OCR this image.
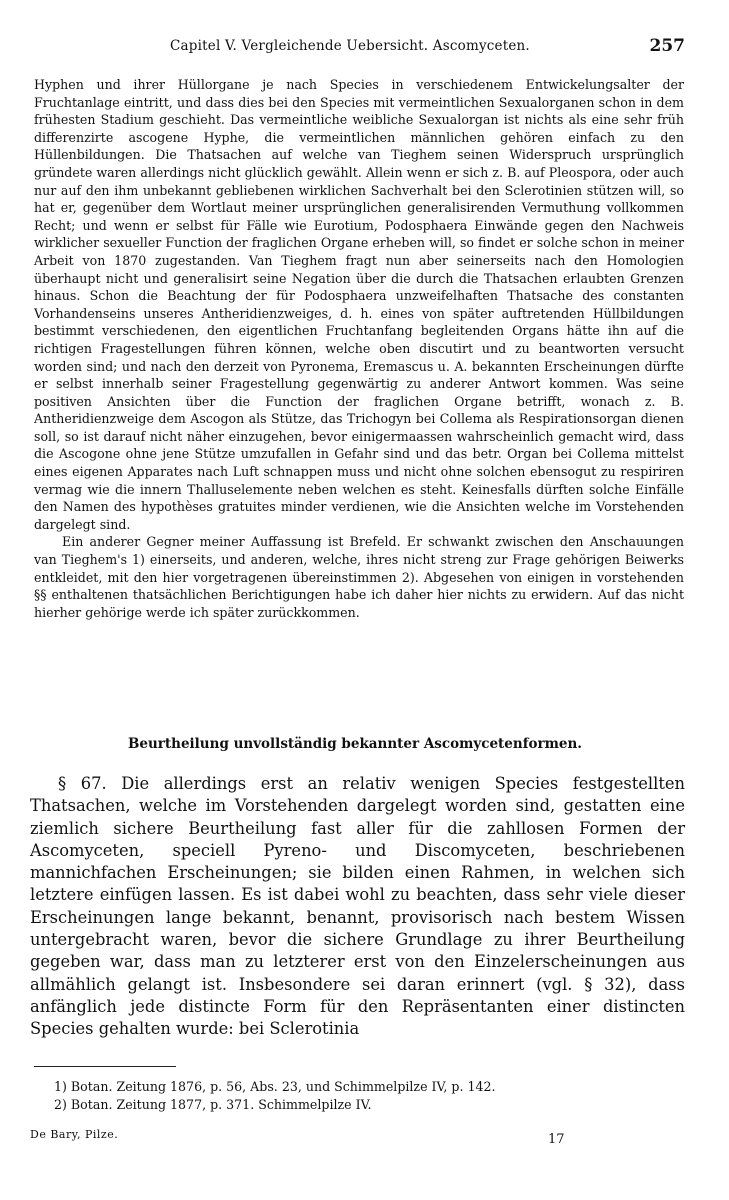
Capitel V. Vergleichende Uebersicht. Ascomyceten.	257

Hyphen und ihrer Hüllorgane je nach Species in verschiedenem Entwickelungsalter der Fruchtanlage eintritt, und dass dies bei den Species mit vermeintlichen Sexualorganen schon in dem frühesten Stadium geschieht. Das vermeintliche weibliche Sexualorgan ist nichts als eine sehr früh differenzirte ascogene Hyphe, die vermeintlichen männlichen gehören einfach zu den Hüllenbildungen. Die Thatsachen auf welche van Tieghem seinen Widerspruch ursprünglich gründete waren allerdings nicht glücklich gewählt. Allein wenn er sich z. B. auf Pleospora, oder auch nur auf den ihm unbekannt gebliebenen wirklichen Sachverhalt bei den Sclerotinien stützen will, so hat er, gegenüber dem Wortlaut meiner ursprünglichen generalisirenden Vermuthung vollkommen Recht; und wenn er selbst für Fälle wie Eurotium, Podosphaera Einwände gegen den Nachweis wirklicher sexueller Function der fraglichen Organe erheben will, so findet er solche schon in meiner Arbeit von 1870 zugestanden. Van Tieghem fragt nun aber seinerseits nach den Homologien überhaupt nicht und generalisirt seine Negation über die durch die Thatsachen erlaubten Grenzen hinaus. Schon die Beachtung der für Podosphaera unzweifelhaften Thatsache des constanten Vorhandenseins unseres Antheridienzweiges, d. h. eines von später auftretenden Hüllbildungen bestimmt verschiedenen, den eigentlichen Fruchtanfang begleitenden Organs hätte ihn auf die richtigen Fragestellungen führen können, welche oben discutirt und zu beantworten versucht worden sind; und nach den derzeit von Pyronema, Eremascus u. A. bekannten Erscheinungen dürfte er selbst innerhalb seiner Fragestellung gegenwärtig zu anderer Antwort kommen. Was seine positiven Ansichten über die Function der fraglichen Organe betrifft, wonach z. B. Antheridienzweige dem Ascogon als Stütze, das Trichogyn bei Collema als Respirationsorgan dienen soll, so ist darauf nicht näher einzugehen, bevor einigermaassen wahrscheinlich gemacht wird, dass die Ascogone ohne jene Stütze umzufallen in Gefahr sind und das betr. Organ bei Collema mittelst eines eigenen Apparates nach Luft schnappen muss und nicht ohne solchen ebensogut zu respiriren vermag wie die innern Thalluselemente neben welchen es steht. Keinesfalls dürften solche Einfälle den Namen des hypothèses gratuites minder verdienen, wie die Ansichten welche im Vorstehenden dargelegt sind.

Ein anderer Gegner meiner Auffassung ist Brefeld. Er schwankt zwischen den Anschauungen van Tieghem's 1) einerseits, und anderen, welche, ihres nicht streng zur Frage gehörigen Beiwerks entkleidet, mit den hier vorgetragenen übereinstimmen 2). Abgesehen von einigen in vorstehenden §§ enthaltenen thatsächlichen Berichtigungen habe ich daher hier nichts zu erwidern. Auf das nicht hierher gehörige werde ich später zurückkommen.

Beurtheilung unvollständig bekannter Ascomycetenformen.

§ 67. Die allerdings erst an relativ wenigen Species festgestellten Thatsachen, welche im Vorstehenden dargelegt worden sind, gestatten eine ziemlich sichere Beurtheilung fast aller für die zahllosen Formen der Ascomyceten, speciell Pyreno- und Discomyceten, beschriebenen mannichfachen Erscheinungen; sie bilden einen Rahmen, in welchen sich letztere einfügen lassen. Es ist dabei wohl zu beachten, dass sehr viele dieser Erscheinungen lange bekannt, benannt, provisorisch nach bestem Wissen untergebracht waren, bevor die sichere Grundlage zu ihrer Beurtheilung gegeben war, dass man zu letzterer erst von den Einzelerscheinungen aus allmählich gelangt ist. Insbesondere sei daran erinnert (vgl. § 32), dass anfänglich jede distincte Form für den Repräsentanten einer distincten Species gehalten wurde: bei Sclerotinia

1) Botan. Zeitung 1876, p. 56, Abs. 23, und Schimmelpilze IV, p. 142.
2) Botan. Zeitung 1877, p. 371. Schimmelpilze IV.
De Bary, Pilze.	17
